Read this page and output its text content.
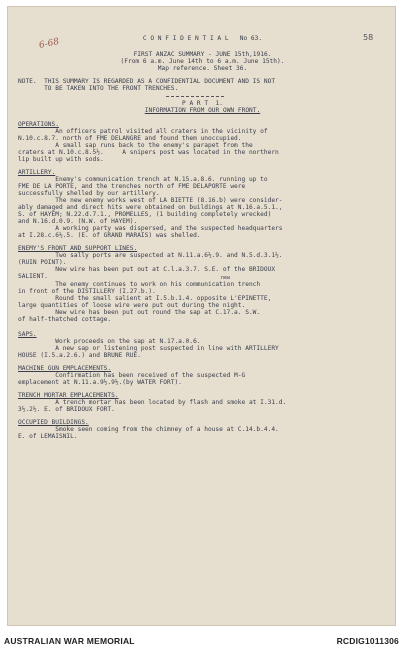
6-68	58
C O N F I D E N T I A L   No 63.
FIRST ANZAC SUMMARY - JUNE 15th,1916.
(From 6 a.m. June 14th to 6 a.m. June 15th).
Map reference. Sheet 36.
NOTE.  THIS SUMMARY IS REGARDED AS A CONFIDENTIAL DOCUMENT AND IS NOT
TO BE TAKEN INTO THE FRONT TRENCHES.
P A R T  1.
INFORMATION FROM OUR OWN FRONT.
OPERATIONS.
An officers patrol visited all craters in the vicinity of
N.10.c.8.7. north of FME DELANGRE and found them unoccupied.
A small sap runs back to the enemy's parapet from the
craters at N.10.c.8.5½.     A snipers post was located in the northern
lip built up with sods.
ARTILLERY.
Enemy's communication trench at N.15.a.8.6. running up to
FME DE LA PORTE, and the trenches north of FME DELAPORTE were
successfully shelled by our artillery.
The new enemy works west of LA BIETTE (8.16.b) were consider-
ably damaged and direct hits were obtained on buildings at N.16.a.5.1.,
S. of HAYEM; N.22.d.7.1., PROMELLES, (1 building completely wrecked)
and N.16.d.0.9. (N.W. of HAYEM).
A working party was dispersed, and the suspected headquarters
at I.28.c.6½.5. (E. of GRAND MARAIS) was shelled.
ENEMY'S FRONT AND SUPPORT LINES.
Two sally ports are suspected at N.11.a.6½.9. and N.5.d.3.1½.
(RUIN POINT).
New wire has been put out at C.l.a.3.7. S.E. of the BRIDOUX
SALIENT.	new
The enemy continues to work on his communication trench
in front of the DISTILLERY (I.27.b.).
Round the small salient at I.5.b.1.4. opposite L'EPINETTE,
large quantities of loose wire were put out during the night.
New wire has been put out round the sap at C.17.a. S.W.
of half-thatched cottage.
SAPS.
Work proceeds on the sap at N.17.a.0.6.
A new sap or listening post suspected in line with ARTILLERY
HOUSE (I.5.a.2.6.) and BRUNE RUE.
MACHINE GUN EMPLACEMENTS.
Confirmation has been received of the suspected M-G
emplacement at N.11.a.9½.9½.(by WATER FORT).
TRENCH MORTAR EMPLACEMENTS.
A trench mortar has been located by flash and smoke at I.31.d.
3½.2½. E. of BRIDOUX FORT.
OCCUPIED BUILDINGS.
Smoke seen coming from the chimney of a house at C.14.b.4.4.
E. of LEMAISNIL.
AUSTRALIAN WAR MEMORIAL	RCDIG1011306
